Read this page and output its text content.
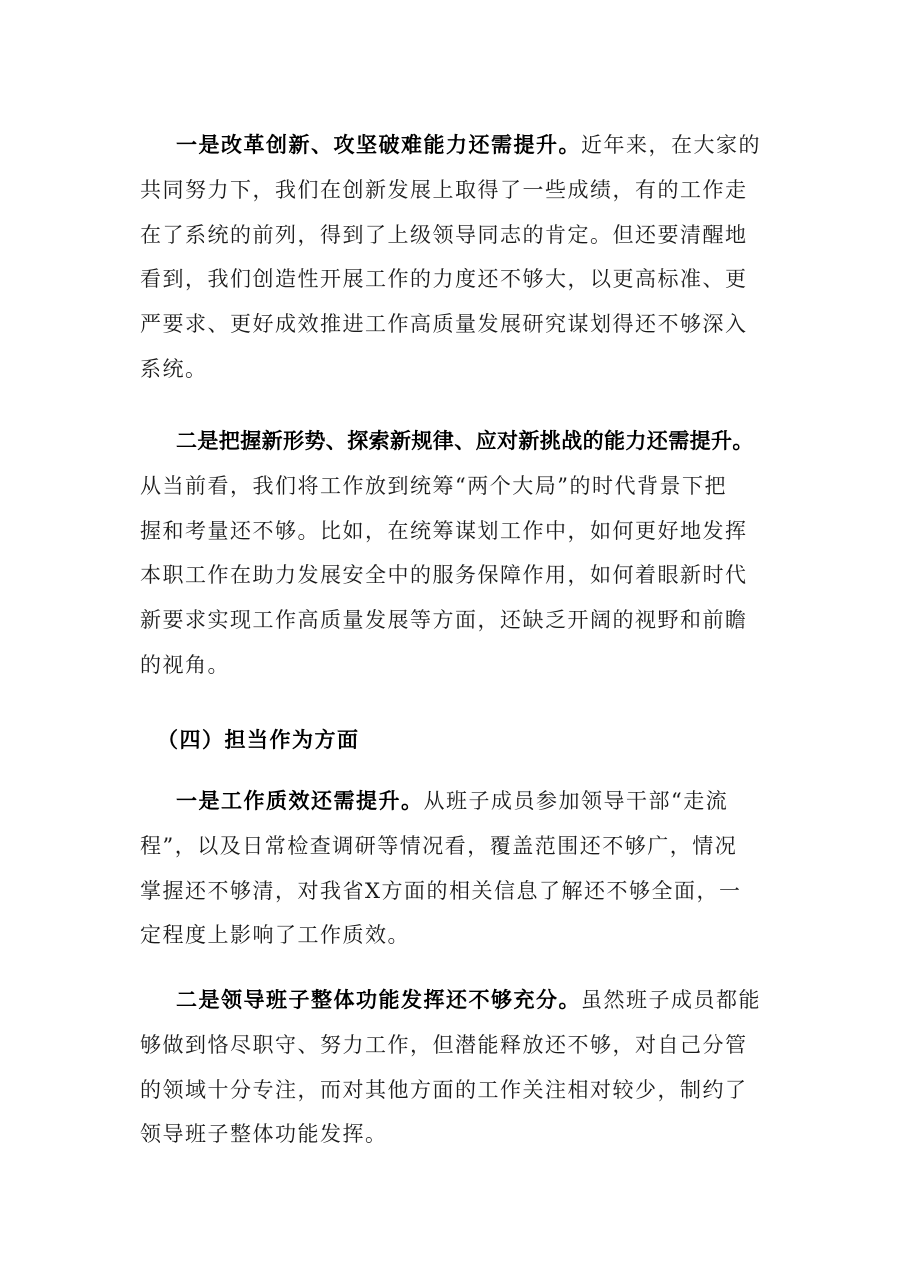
一是改革创新、攻坚破难能力还需提升。近年来，在大家的
共同努力下，我们在创新发展上取得了一些成绩，有的工作走
在了系统的前列，得到了上级领导同志的肯定。但还要清醒地
看到，我们创造性开展工作的力度还不够大，以更高标准、更
严要求、更好成效推进工作高质量发展研究谋划得还不够深入
系统。
二是把握新形势、探索新规律、应对新挑战的能力还需提升。
从当前看，我们将工作放到统筹“两个大局”的时代背景下把
握和考量还不够。比如，在统筹谋划工作中，如何更好地发挥
本职工作在助力发展安全中的服务保障作用，如何着眼新时代
新要求实现工作高质量发展等方面，还缺乏开阔的视野和前瞻
的视角。
（四）担当作为方面
一是工作质效还需提升。从班子成员参加领导干部“走流
程”，以及日常检查调研等情况看，覆盖范围还不够广，情况
掌握还不够清，对我省X方面的相关信息了解还不够全面，一
定程度上影响了工作质效。
二是领导班子整体功能发挥还不够充分。虽然班子成员都能
够做到恪尽职守、努力工作，但潜能释放还不够，对自己分管
的领域十分专注，而对其他方面的工作关注相对较少，制约了
领导班子整体功能发挥。
